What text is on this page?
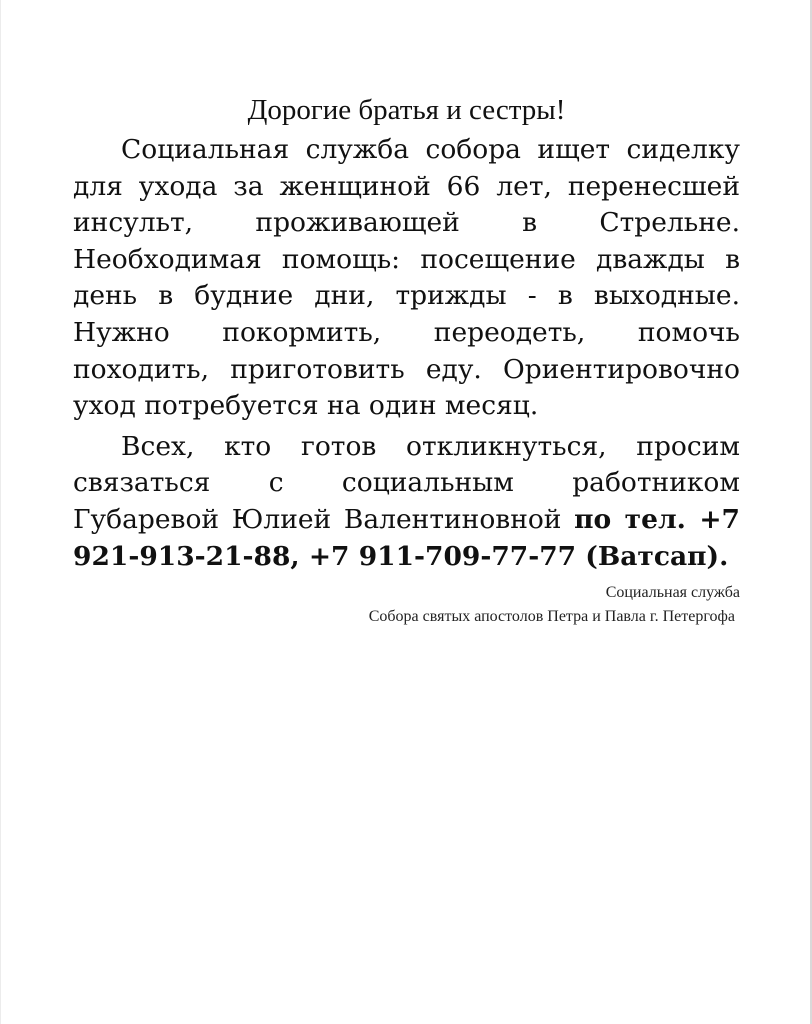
Дорогие братья и сестры!

Социальная служба собора ищет сиделку для ухода за женщиной 66 лет, перенесшей инсульт, проживающей в Стрельне. Необходимая помощь: посещение дважды в день в будние дни, трижды - в выходные. Нужно покормить, переодеть, помочь походить, приготовить еду. Ориентировочно уход потребуется на один месяц.

Всех, кто готов откликнуться, просим связаться с социальным работником Губаревой Юлией Валентиновной по тел. +7 921-913-21-88, +7 911-709-77-77 (Ватсап).

Социальная служба
Собора святых апостолов Петра и Павла г. Петергофа
